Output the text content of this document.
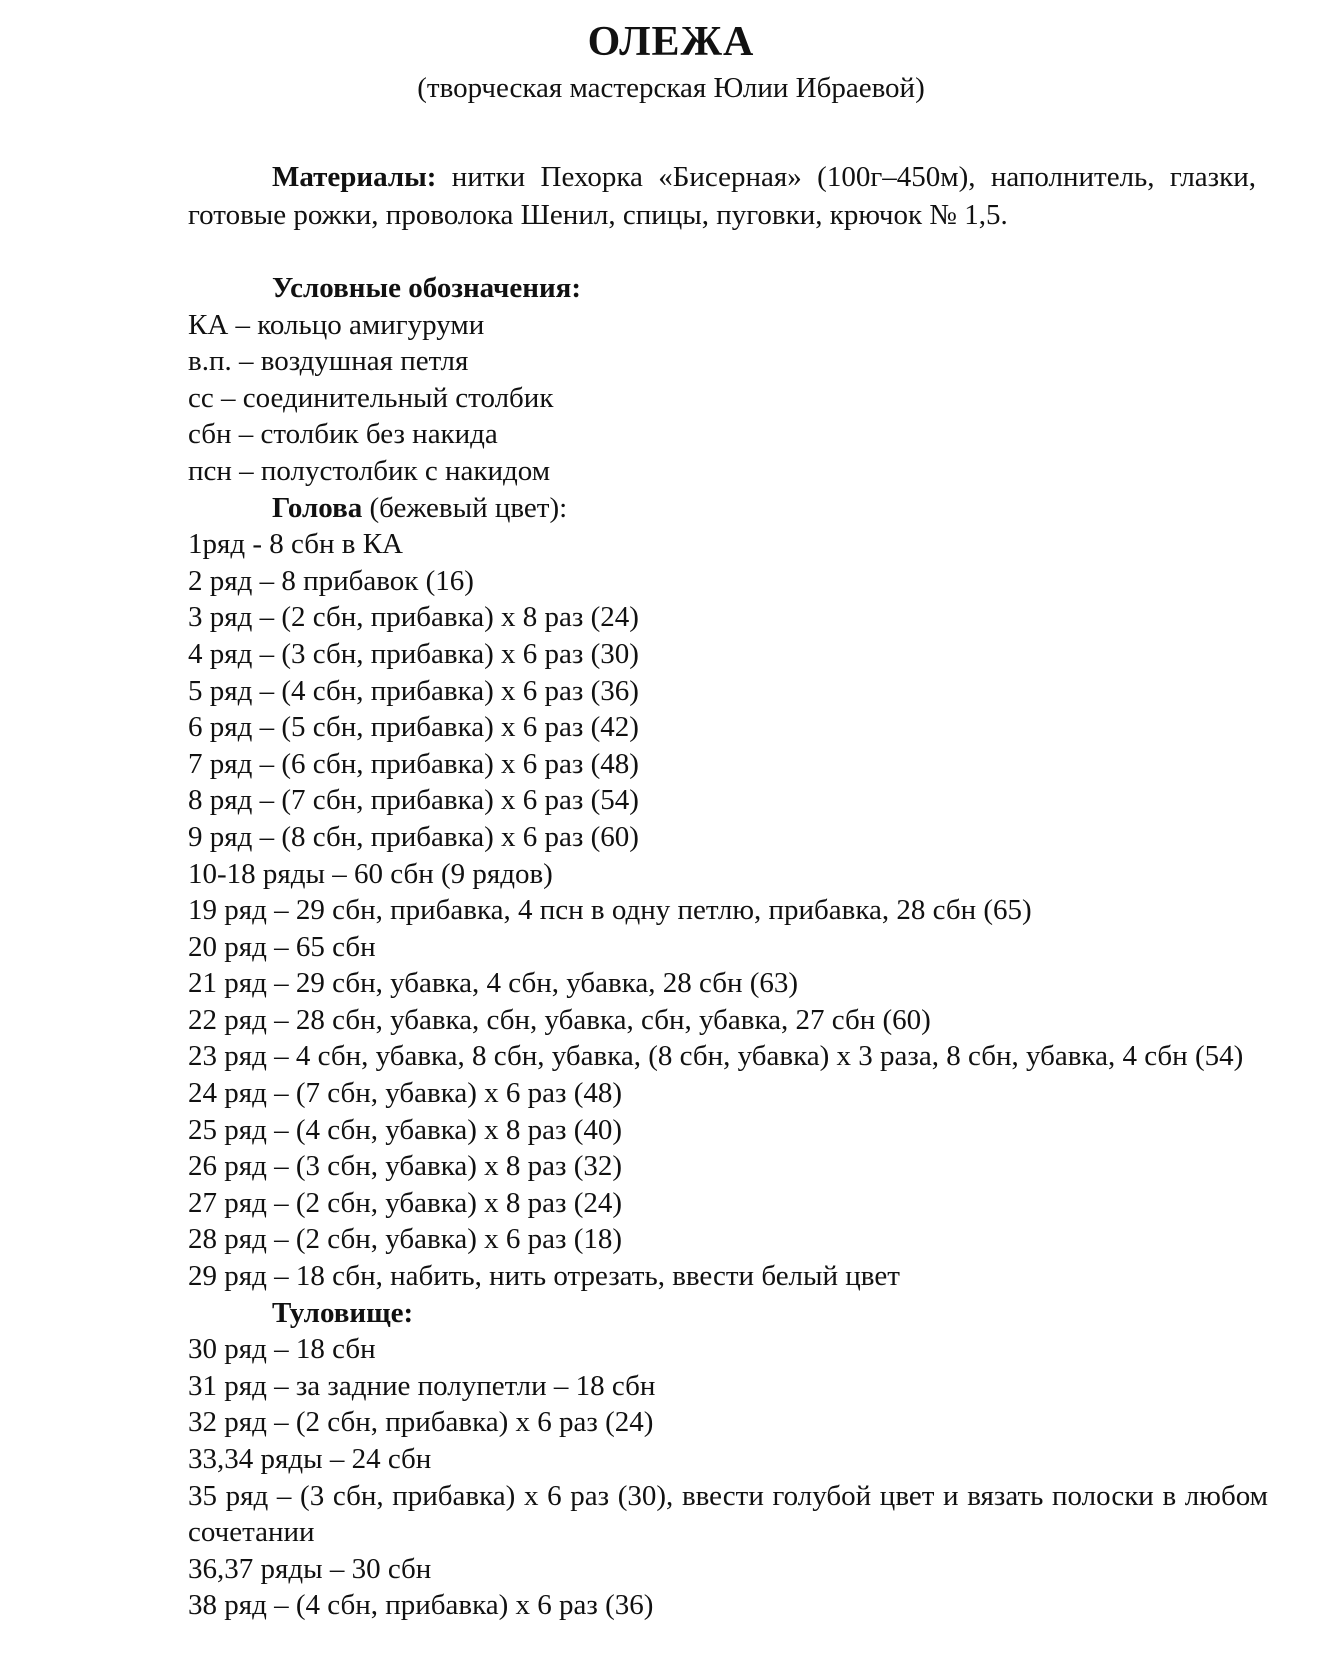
ОЛЕЖА
(творческая мастерская Юлии Ибраевой)
Материалы: нитки Пехорка «Бисерная» (100г–450м), наполнитель, глазки, готовые рожки, проволока Шенил, спицы, пуговки, крючок № 1,5.
Условные обозначения:
КА – кольцо амигуруми
в.п. – воздушная петля
сс – соединительный столбик
сбн – столбик без накида
псн – полустолбик с накидом
Голова (бежевый цвет):
1ряд - 8 сбн в КА
2 ряд – 8 прибавок (16)
3 ряд – (2 сбн, прибавка) х 8 раз (24)
4 ряд – (3 сбн, прибавка) х 6 раз (30)
5 ряд – (4 сбн, прибавка) х 6 раз (36)
6 ряд – (5 сбн, прибавка) х 6 раз (42)
7 ряд – (6 сбн, прибавка) х 6 раз (48)
8 ряд – (7 сбн, прибавка) х 6 раз (54)
9 ряд – (8 сбн, прибавка) х 6 раз (60)
10-18 ряды – 60 сбн (9 рядов)
19 ряд – 29 сбн, прибавка, 4 псн в одну петлю, прибавка, 28 сбн (65)
20 ряд – 65 сбн
21 ряд – 29 сбн, убавка, 4 сбн, убавка, 28 сбн (63)
22 ряд – 28 сбн, убавка, сбн, убавка, сбн, убавка, 27 сбн (60)
23 ряд – 4 сбн, убавка, 8 сбн, убавка, (8 сбн, убавка) х 3 раза, 8 сбн, убавка, 4 сбн (54)
24 ряд – (7 сбн, убавка) х 6 раз (48)
25 ряд – (4 сбн, убавка) х 8 раз (40)
26 ряд – (3 сбн, убавка) х 8 раз (32)
27 ряд – (2 сбн, убавка) х 8 раз (24)
28 ряд – (2 сбн, убавка) х 6 раз (18)
29 ряд – 18 сбн, набить, нить отрезать, ввести белый цвет
Туловище:
30 ряд – 18 сбн
31 ряд – за задние полупетли – 18 сбн
32 ряд – (2 сбн, прибавка) х 6 раз (24)
33,34 ряды – 24 сбн
35 ряд – (3 сбн, прибавка) х 6 раз (30), ввести голубой цвет и вязать полоски в любом сочетании
36,37 ряды – 30 сбн
38 ряд – (4 сбн, прибавка) х 6 раз (36)
